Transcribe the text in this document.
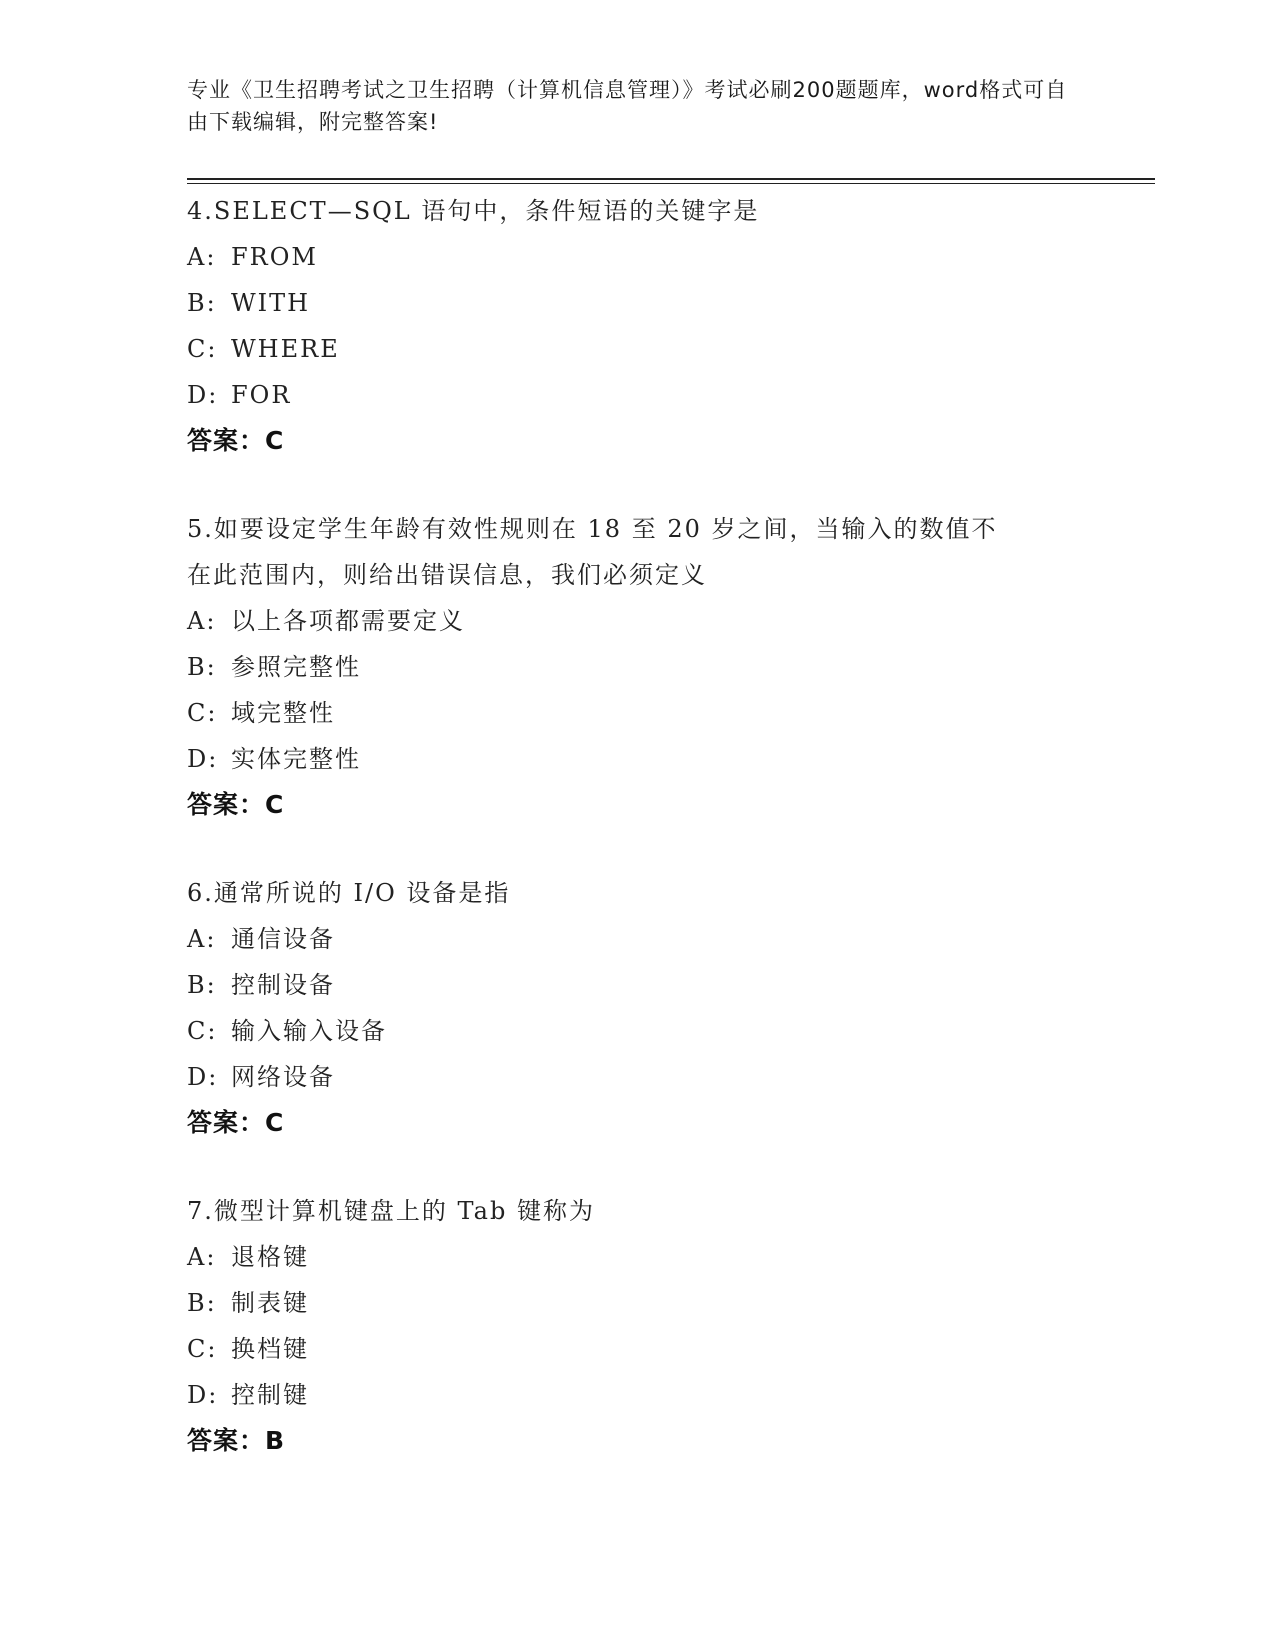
专业《卫生招聘考试之卫生招聘（计算机信息管理）》考试必刷200题题库，word格式可自由下载编辑，附完整答案!
4.SELECT—SQL 语句中，条件短语的关键字是
A: FROM
B: WITH
C: WHERE
D: FOR
答案：C
5.如要设定学生年龄有效性规则在 18 至 20 岁之间，当输入的数值不
在此范围内，则给出错误信息，我们必须定义
A: 以上各项都需要定义
B: 参照完整性
C: 域完整性
D: 实体完整性
答案：C
6.通常所说的 I/O 设备是指
A: 通信设备
B: 控制设备
C: 输入输入设备
D: 网络设备
答案：C
7.微型计算机键盘上的 Tab 键称为
A: 退格键
B: 制表键
C: 换档键
D: 控制键
答案：B
